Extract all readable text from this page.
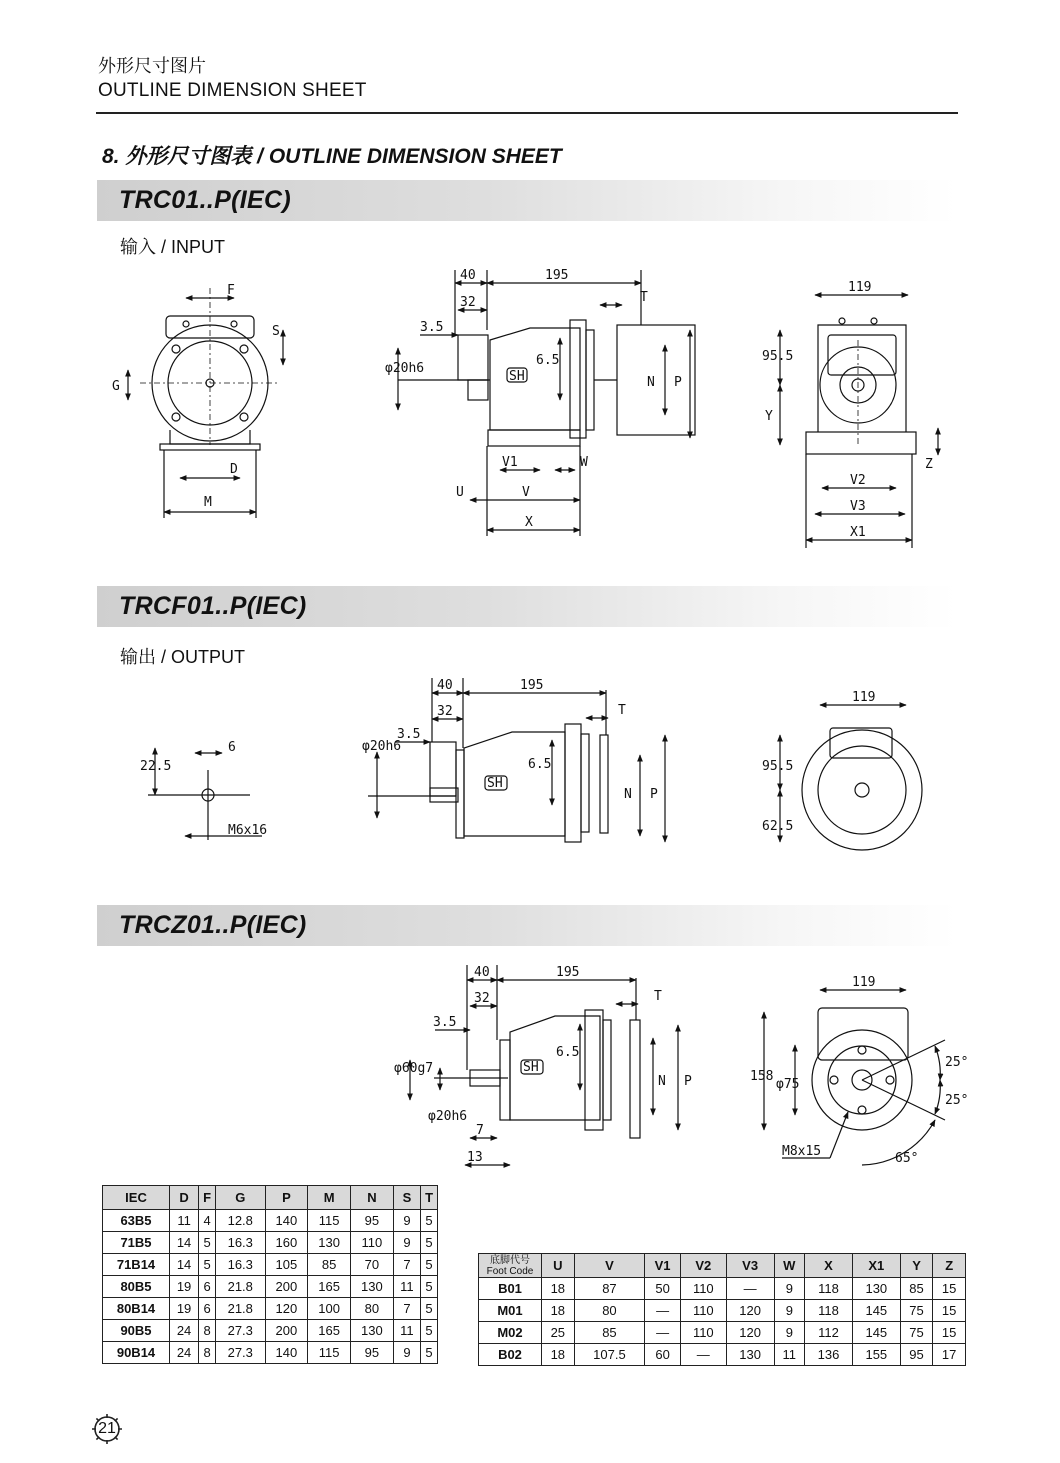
外形尺寸图片
OUTLINE DIMENSION SHEET
8. 外形尺寸图表 / OUTLINE DIMENSION SHEET
TRC01..P(IEC)
输入 / INPUT
TRCF01..P(IEC)
输出 / OUTPUT
TRCZ01..P(IEC)
F
S
G
D
M
40	195
32
3.5
T
φ20h6
6.5
SH	N P
V1	W
U	V
X
119
95.5
Y
Z
V2
V3
X1
22.5
6
M6x16
40	195
32
3.5
T
φ20h6
6.5
SH
N P
119
95.5
62.5
40	195
32
3.5
T
φ60g7
φ20h6
6.5
SH
N P
7
13
119
158
φ75
25°
25°
65°
M8x15
IEC	D	F	G	P	M	N	S	T
63B5	11	4	12.8	140	115	95	9	5
71B5	14	5	16.3	160	130	110	9	5
71B14	14	5	16.3	105	85	70	7	5
80B5	19	6	21.8	200	165	130	11	5
80B14	19	6	21.8	120	100	80	7	5
90B5	24	8	27.3	200	165	130	11	5
90B14	24	8	27.3	140	115	95	9	5
底脚代号
Foot Code	U	V	V1	V2	V3	W	X	X1	Y	Z
B01	18	87	50	110	—	9	118	130	85	15
M01	18	80	—	110	120	9	118	145	75	15
M02	25	85	—	110	120	9	112	145	75	15
B02	18	107.5	60	—	130	11	136	155	95	17
21
